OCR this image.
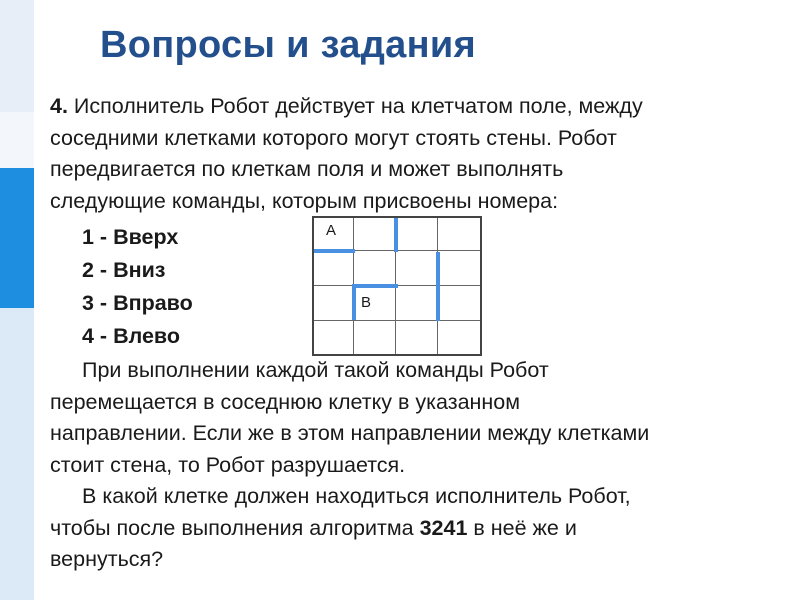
Вопросы и задания
4. Исполнитель Робот действует на клетчатом поле, между
соседними клетками которого могут стоять стены. Робот
передвигается по клеткам поля и может выполнять
следующие команды, которым присвоены номера:
1 - Вверх
2 - Вниз
3 - Вправо
4 - Влево
А
В
При выполнении каждой такой команды Робот
перемещается в соседнюю клетку в указанном
направлении. Если же в этом направлении между клетками
стоит стена, то Робот разрушается.
В какой клетке должен находиться исполнитель Робот,
чтобы после выполнения алгоритма 3241 в неё же и
вернуться?
